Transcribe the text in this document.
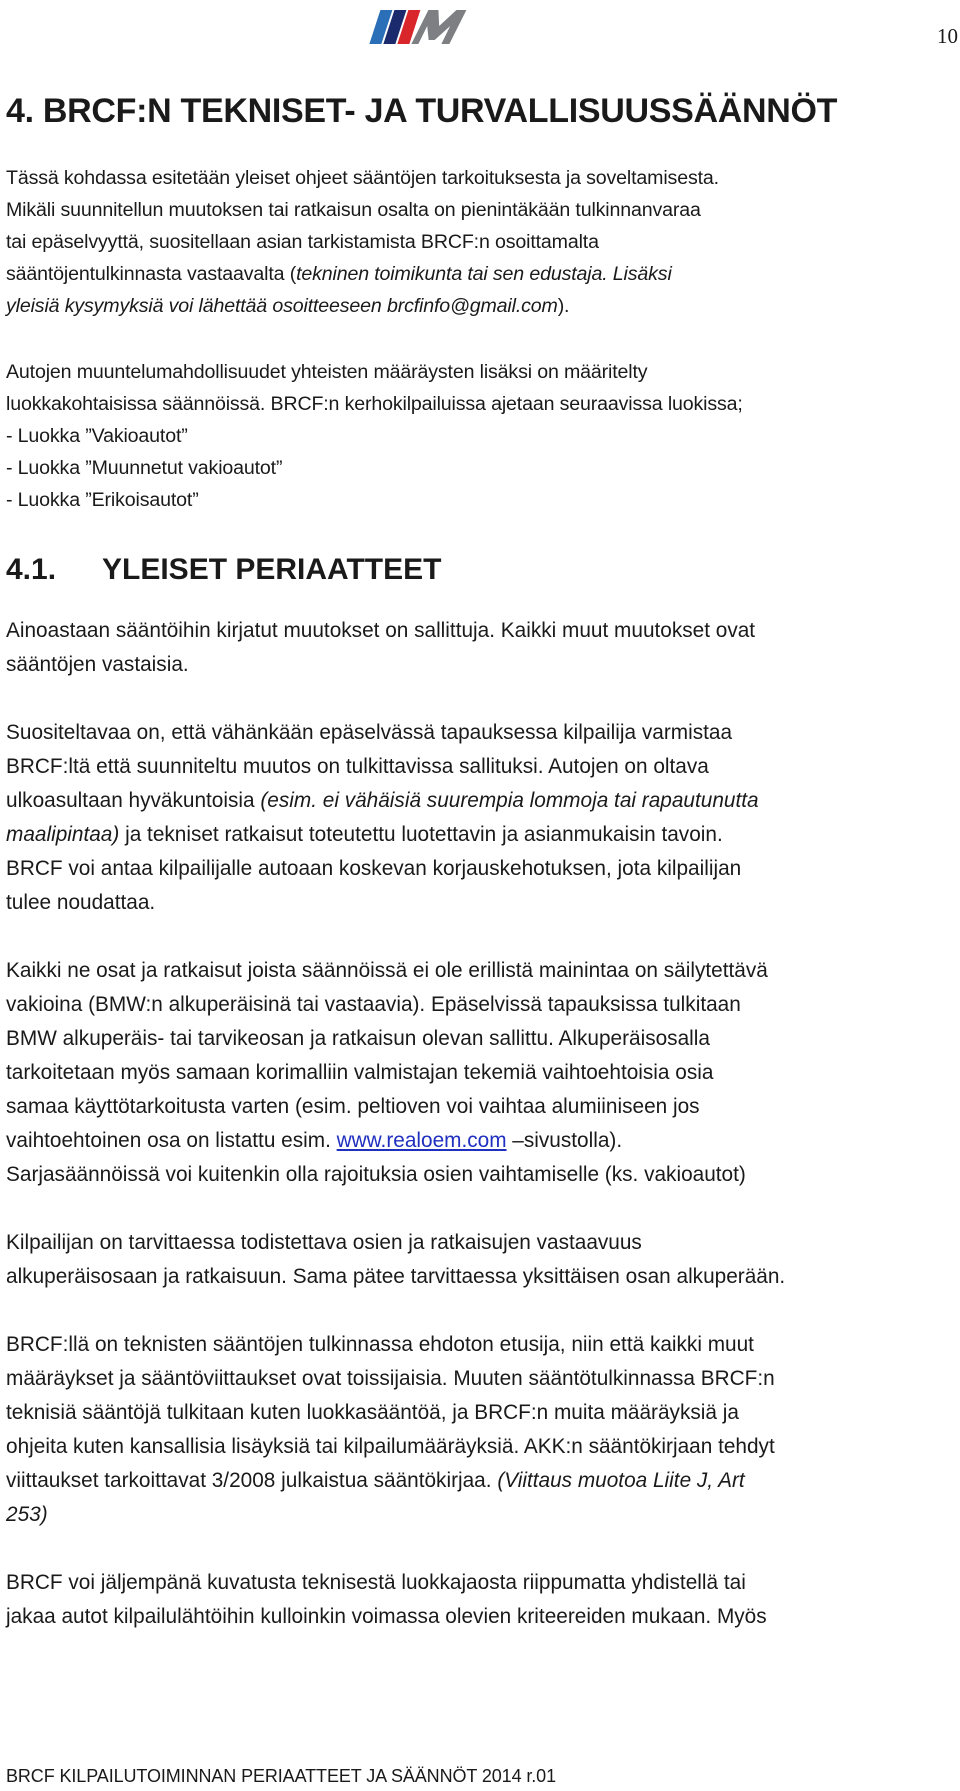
10
4. BRCF:N TEKNISET- JA TURVALLISUUSSÄÄNNÖT

Tässä kohdassa esitetään yleiset ohjeet sääntöjen tarkoituksesta ja soveltamisesta.
Mikäli suunnitellun muutoksen tai ratkaisun osalta on pienintäkään tulkinnanvaraa
tai epäselvyyttä, suositellaan asian tarkistamista BRCF:n osoittamalta
sääntöjentulkinnasta vastaavalta (tekninen toimikunta tai sen edustaja. Lisäksi
yleisiä kysymyksiä voi lähettää osoitteeseen brcfinfo@gmail.com).

Autojen muuntelumahdollisuudet yhteisten määräysten lisäksi on määritelty
luokkakohtaisissa säännöissä. BRCF:n kerhokilpailuissa ajetaan seuraavissa luokissa;
- Luokka ”Vakioautot”
- Luokka ”Muunnetut vakioautot”
- Luokka ”Erikoisautot”

4.1.	YLEISET PERIAATTEET

Ainoastaan sääntöihin kirjatut muutokset on sallittuja. Kaikki muut muutokset ovat
sääntöjen vastaisia.

Suositeltavaa on, että vähänkään epäselvässä tapauksessa kilpailija varmistaa
BRCF:ltä että suunniteltu muutos on tulkittavissa sallituksi. Autojen on oltava
ulkoasultaan hyväkuntoisia (esim. ei vähäisiä suurempia lommoja tai rapautunutta
maalipintaa) ja tekniset ratkaisut toteutettu luotettavin ja asianmukaisin tavoin.
BRCF voi antaa kilpailijalle autoaan koskevan korjauskehotuksen, jota kilpailijan
tulee noudattaa.

Kaikki ne osat ja ratkaisut joista säännöissä ei ole erillistä mainintaa on säilytettävä
vakioina (BMW:n alkuperäisinä tai vastaavia). Epäselvissä tapauksissa tulkitaan
BMW alkuperäis- tai tarvikeosan ja ratkaisun olevan sallittu. Alkuperäisosalla
tarkoitetaan myös samaan korimalliin valmistajan tekemiä vaihtoehtoisia osia
samaa käyttötarkoitusta varten (esim. peltioven voi vaihtaa alumiiniseen jos
vaihtoehtoinen osa on listattu esim. www.realoem.com –sivustolla).
Sarjasäännöissä voi kuitenkin olla rajoituksia osien vaihtamiselle (ks. vakioautot)

Kilpailijan on tarvittaessa todistettava osien ja ratkaisujen vastaavuus
alkuperäisosaan ja ratkaisuun. Sama pätee tarvittaessa yksittäisen osan alkuperään.

BRCF:llä on teknisten sääntöjen tulkinnassa ehdoton etusija, niin että kaikki muut
määräykset ja sääntöviittaukset ovat toissijaisia. Muuten sääntötulkinnassa BRCF:n
teknisiä sääntöjä tulkitaan kuten luokkasääntöä, ja BRCF:n muita määräyksiä ja
ohjeita kuten kansallisia lisäyksiä tai kilpailumääräyksiä. AKK:n sääntökirjaan tehdyt
viittaukset tarkoittavat 3/2008 julkaistua sääntökirjaa. (Viittaus muotoa Liite J, Art
253)

BRCF voi jäljempänä kuvatusta teknisestä luokkajaosta riippumatta yhdistellä tai
jakaa autot kilpailulähtöihin kulloinkin voimassa olevien kriteereiden mukaan. Myös

BRCF KILPAILUTOIMINNAN PERIAATTEET JA SÄÄNNÖT 2014 r.01
